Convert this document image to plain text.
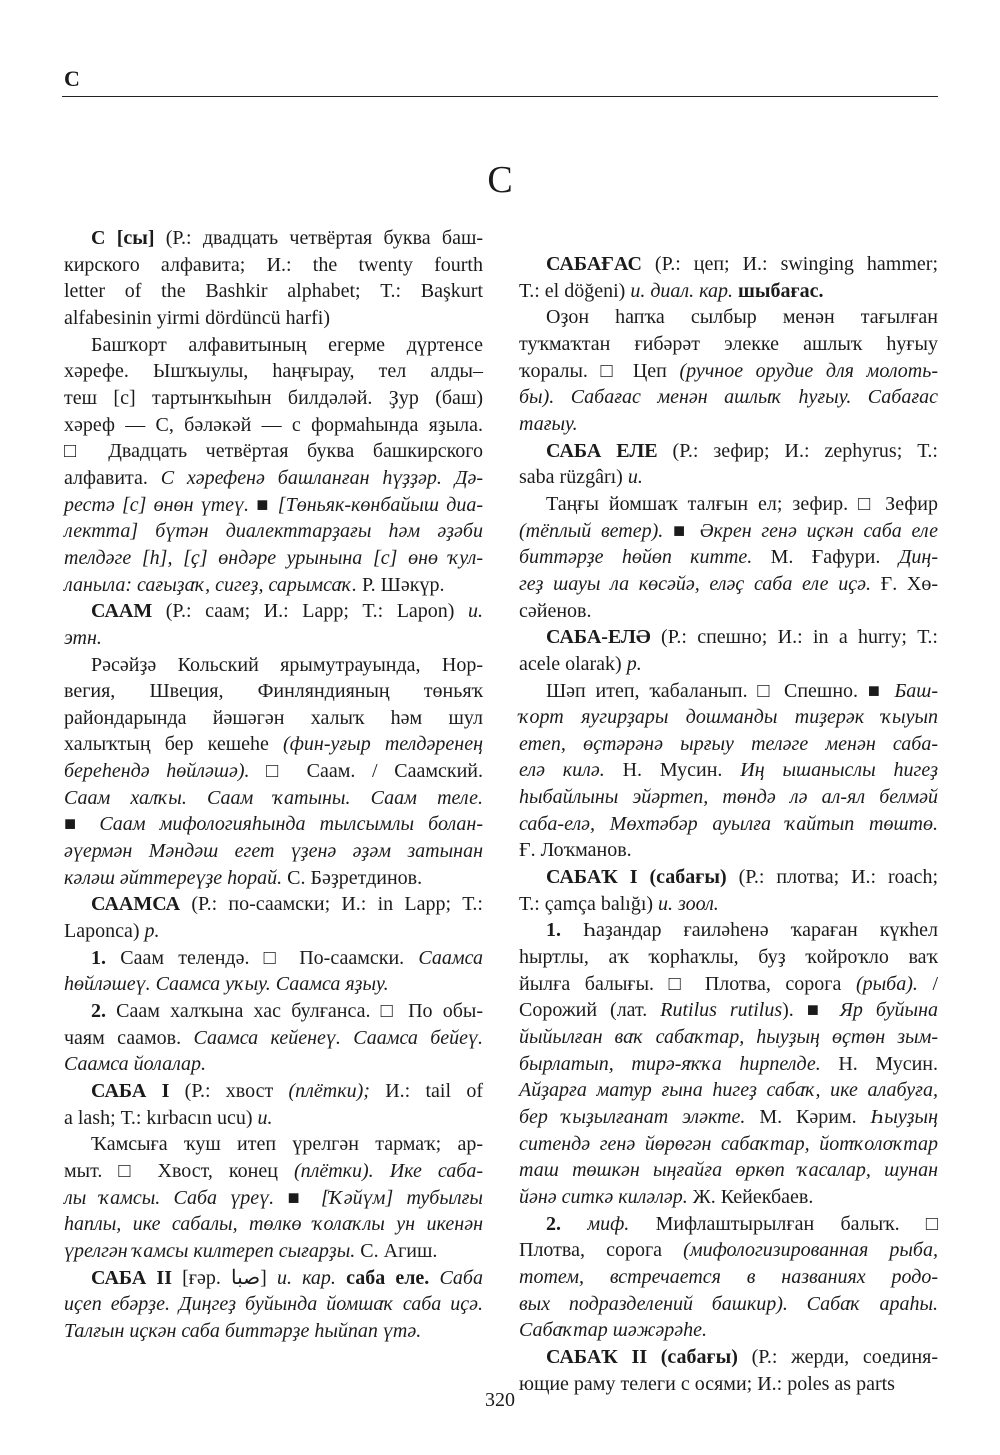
С
С
С [сы] (Р.: двадцать четвёртая буква баш-
кирского алфавита; И.: the twenty fourth
letter of the Bashkir alphabet; Т.: Başkurt
alfabesinin yirmi dördüncü harfi)
Башҡорт алфавитының егерме дүртенсе
хәрефе. Ышҡыулы, һаңғырау, тел алды–
теш [с] тартынҡыһын билдәләй. Ҙур (баш)
хәреф — С, бәләкәй — с формаһында яҙыла.
□ Двадцать четвёртая буква башкирского
алфавита. С хәрефенә башланған һүҙҙәр. Дә-
рестә [с] өнөн үтеү. ■ [Төньяк-көнбайыш диа-
лектта] бүтән диалекттарҙағы һәм әҙәби
телдәге [һ], [ҫ] өндәре урынына [с] өнө ҡул-
ланыла: сағыҙаҡ, сигеҙ, сарымсаҡ. Р. Шәкүр.
СААМ (Р.: саам; И.: Lapp; Т.: Lapon) и.
этн.
Рәсәйҙә Кольский ярымутрауында, Нор-
вегия, Швеция, Финляндияның төньяҡ
райондарында йәшәгән халыҡ һәм шул
халыҡтың бер кешеһе (фин-уғыр телдәренең
береһендә һөйләшә). □ Саам. / Саамский.
Саам халҡы. Саам ҡатыны. Саам теле.
■ Саам мифологияһында тылсымлы болан-
әүермән Мәндәш егет үҙенә әҙәм затынан
кәләш әйттереүҙе һорай. С. Бәҙретдинов.
СААМСА (Р.: по-саамски; И.: in Lapp; Т.:
Laponca) р.
1. Саам телендә. □ По-саамски. Саамса
һөйләшеү. Саамса уҡыу. Саамса яҙыу.
2. Саам халҡына хас булғанса. □ По обы-
чаям саамов. Саамса кейенеү. Саамса бейеү.
Саамса йолалар.
САБА I (Р.: хвост (плётки); И.: tail of
a lash; Т.: kırbacın ucu) и.
Ҡамсыға ҡуш итеп үрелгән тармаҡ; ар-
мыт. □ Хвост, конец (плётки). Ике саба-
лы ҡамсы. Саба үреү. ■ [Ҡәйүм] тубылғы
һаплы, ике сабалы, төлкө ҡолаҡлы ун икенән
үрелгән ҡамсы килтереп сығарҙы. С. Агиш.
САБА II [ғәр. صبا] и. кар. саба еле. Саба
иҫеп ебәрҙе. Диңгеҙ буйында йомшаҡ саба иҫә.
Талғын иҫкән саба биттәрҙе һыйпап үтә.
САБАҒАС (Р.: цеп; И.: swinging hammer;
Т.: el döğeni) и. диал. кар. шыбағас.
Оҙон һапҡа сылбыр менән тағылған
туҡмаҡтан ғибәрәт элекке ашлыҡ һуғыу
ҡоралы. □ Цеп (ручное орудие для молоть-
бы). Сабағас менән ашлыҡ һуғыу. Сабағас
тағыу.
САБА ЕЛЕ (Р.: зефир; И.: zephyrus; Т.:
saba rüzgârı) и.
Таңғы йомшаҡ талғын ел; зефир. □ Зефир
(тёплый ветер). ■ Әкрен генә иҫкән саба еле
биттәрҙе һөйөп китте. М. Ғафури. Диң-
геҙ шауы ла көсәйә, еләҫ саба еле иҫә. Ғ. Хө-
сәйенов.
САБА-ЕЛӘ (Р.: спешно; И.: in a hurry; Т.:
acele olarak) р.
Шәп итеп, ҡабаланып. □ Спешно. ■ Баш-
ҡорт яугирҙары дошманды тиҙерәк ҡыуып
етеп, өҫтәрәнә ырғыу теләге менән саба-
елә килә. Н. Мусин. Иң ышаныслы һигеҙ
һыбайлыны эйәртеп, төндә лә ал-ял белмәй
саба-елә, Мөхтәбәр ауылға ҡайтып төштө.
Ғ. Лоҡманов.
САБАҠ I (сабағы) (Р.: плотва; И.: roach;
Т.: çamça balığı) и. зоол.
1. Һаҙандар ғаиләһенә ҡараған күкһел
һыртлы, аҡ ҡорһаҡлы, буҙ ҡойроҡло ваҡ
йылға балығы. □ Плотва, сорога (рыба). /
Сорожий (лат. Rutilus rutilus). ■ Яр буйына
йыйылған ваҡ сабаҡтар, һыуҙың өҫтөн зым-
бырлатып, тирә-яҡҡа һирпелде. Н. Мусин.
Айҙарға матур ғына һигеҙ сабаҡ, ике алабуға,
бер ҡыҙылғанат эләкте. М. Кәрим. Һыуҙың
ситендә генә йөрөгән сабаҡтар, йотҡолоҡтар
таш төшкән ыңғайға өркөп ҡасалар, шунан
йәнә ситкә киләләр. Ж. Кейекбаев.
2. миф. Мифлаштырылған балыҡ. □
Плотва, сорога (мифологизированная рыба,
тотем, встречается в названиях родо-
вых подразделений башкир). Сабаҡ араһы.
Сабаҡтар шәжәрәһе.
САБАҠ II (сабағы) (Р.: жерди, соединя-
ющие раму телеги с осями; И.: poles as parts
320
